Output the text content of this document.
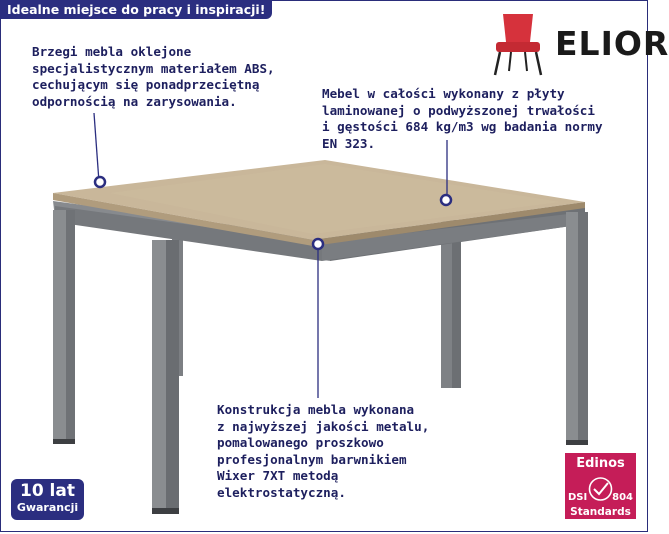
Idealne miejsce do pracy i inspiracji!
ELIOR
Brzegi mebla oklejone
specjalistycznym materiałem ABS,
cechującym się ponadprzeciętną
odpornością na zarysowania.	Mebel w całości wykonany z płyty
laminowanej o podwyższonej trwałości
i gęstości 684 kg/m3 wg badania normy
EN 323.
Konstrukcja mebla wykonana
z najwyższej jakości metalu,
pomalowanego proszkowo
profesjonalnym barwnikiem
Wixer 7XT metodą
elektrostatyczną.
10 lat
Gwarancji
Edinos
DSI 804
Standards
